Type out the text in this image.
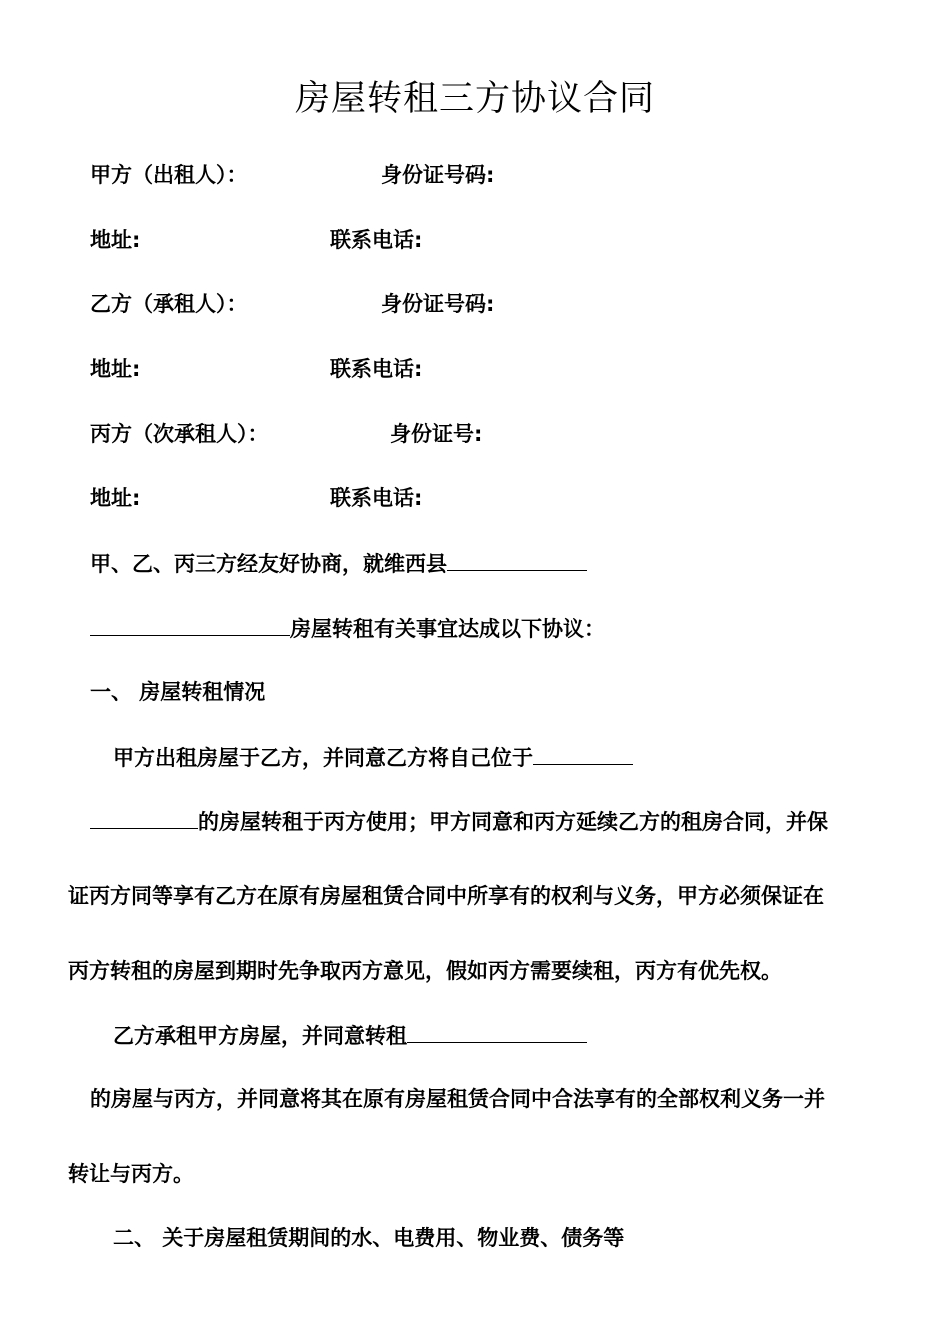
房屋转租三方协议合同
甲方（出租人）：	身份证号码:
地址:	联系电话:
乙方（承租人）：	身份证号码:
地址:	联系电话:
丙方（次承租人）：	身份证号:
地址:	联系电话:
甲、乙、丙三方经友好协商，就维西县
房屋转租有关事宜达成以下协议：
一、 房屋转租情况
甲方出租房屋于乙方，并同意乙方将自己位于
的房屋转租于丙方使用；甲方同意和丙方延续乙方的租房合同，并保
证丙方同等享有乙方在原有房屋租赁合同中所享有的权利与义务，甲方必须保证在
丙方转租的房屋到期时先争取丙方意见，假如丙方需要续租，丙方有优先权。
乙方承租甲方房屋，并同意转租
的房屋与丙方，并同意将其在原有房屋租赁合同中合法享有的全部权利义务一并
转让与丙方。
二、 关于房屋租赁期间的水、电费用、物业费、债务等
